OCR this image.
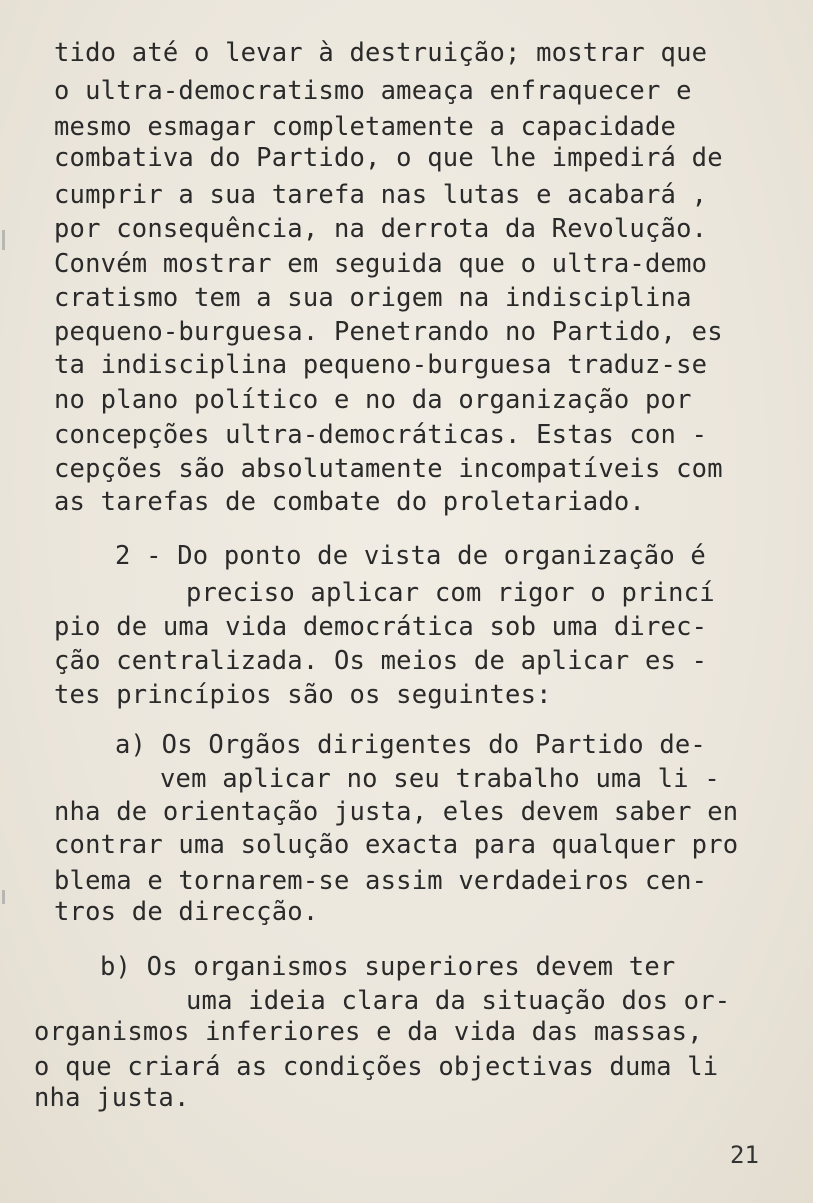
tido até o levar à destruição; mostrar que
o ultra-democratismo ameaça enfraquecer e
mesmo esmagar completamente a capacidade
combativa do Partido, o que lhe impedirá de
cumprir a sua tarefa nas lutas e acabará ,
por consequência, na derrota da Revolução.
Convém mostrar em seguida que o ultra-demo
cratismo tem a sua origem na indisciplina
pequeno-burguesa. Penetrando no Partido, es
ta indisciplina pequeno-burguesa traduz-se
no plano político e no da organização por
concepções ultra-democráticas. Estas con -
cepções são absolutamente incompatíveis com
as tarefas de combate do proletariado.
2 - Do ponto de vista de organização é
preciso aplicar com rigor o princí
pio de uma vida democrática sob uma direc-
ção centralizada. Os meios de aplicar es -
tes princípios são os seguintes:
a) Os Orgãos dirigentes do Partido de-
vem aplicar no seu trabalho uma li -
nha de orientação justa, eles devem saber en
contrar uma solução exacta para qualquer pro
blema e tornarem-se assim verdadeiros cen-
tros de direcção.
b) Os organismos superiores devem ter
uma ideia clara da situação dos or-
organismos inferiores e da vida das massas,
o que criará as condições objectivas duma li
nha justa.
21
